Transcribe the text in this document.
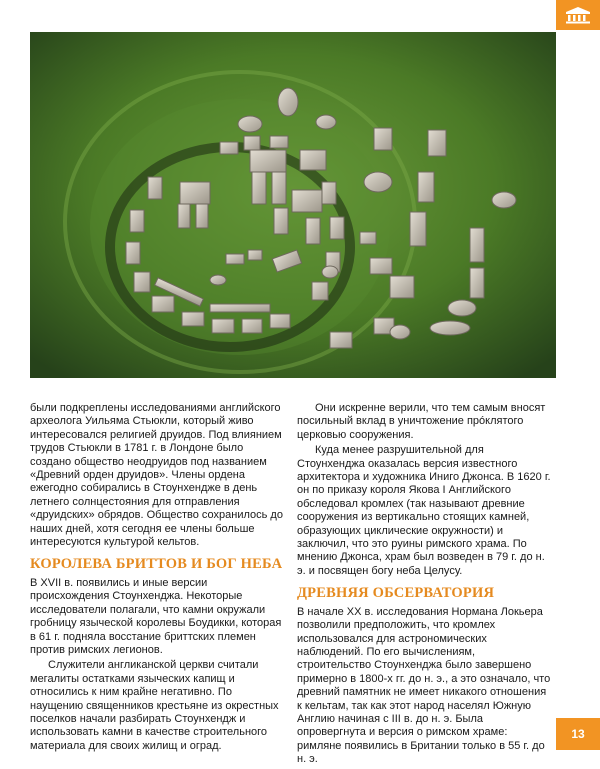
были подкреплены исследованиями английского археолога Уильяма Стьюкли, который живо интересовался религией друидов. Под влиянием трудов Стьюкли в 1781 г. в Лондоне было создано общество неодруидов под названием «Древний орден друидов». Члены ордена ежегодно собирались в Стоунхендже в день летнего солнцестояния для отправления «друидских» обрядов. Общество сохранилось до наших дней, хотя сегодня ее члены больше интересуются культурой кельтов.

КОРОЛЕВА БРИТТОВ И БОГ НЕБА

В XVII в. появились и иные версии происхождения Стоунхенджа. Некоторые исследователи полагали, что камни окружали гробницу языческой королевы Боудикки, которая в 61 г. подняла восстание бриттских племен против римских легионов.

Служители англиканской церкви считали мегалиты остатками языческих капищ и относились к ним крайне негативно. По наущению священников крестьяне из окрестных поселков начали разбирать Стоунхендж и использовать камни в качестве строительного материала для своих жилищ и оград.

Они искренне верили, что тем самым вносят посильный вклад в уничтожение прóклятого церковью сооружения.

Куда менее разрушительной для Стоунхенджа оказалась версия известного архитектора и художника Иниго Джонса. В 1620 г. он по приказу короля Якова I Английского обследовал кромлех (так называют древние сооружения из вертикально стоящих камней, образующих циклические окружности) и заключил, что это руины римского храма. По мнению Джонса, храм был возведен в 79 г. до н. э. и посвящен богу неба Целусу.

ДРЕВНЯЯ ОБСЕРВАТОРИЯ

В начале XX в. исследования Нормана Локьера позволили предположить, что кромлех использовался для астрономических наблюдений. По его вычислениям, строительство Стоунхенджа было завершено примерно в 1800-х гг. до н. э., а это означало, что древний памятник не имеет никакого отношения к кельтам, так как этот народ населял Южную Англию начиная с III в. до н. э. Была опровергнута и версия о римском храме: римляне появились в Британии только в 55 г. до н. э.

13
